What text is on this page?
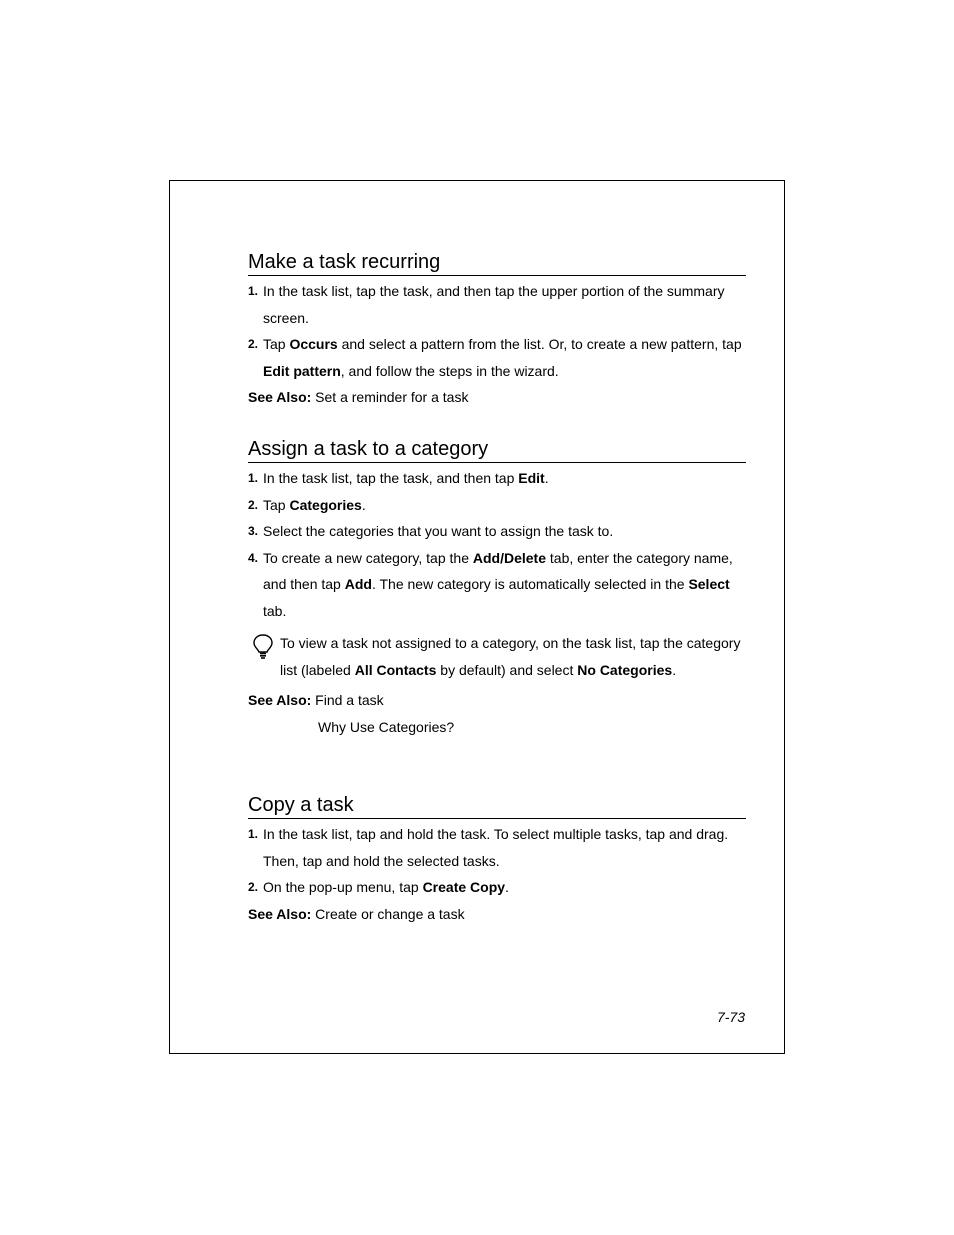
Make a task recurring
1. In the task list, tap the task, and then tap the upper portion of the summary screen.
2. Tap Occurs and select a pattern from the list. Or, to create a new pattern, tap Edit pattern, and follow the steps in the wizard.
See Also: Set a reminder for a task
Assign a task to a category
1. In the task list, tap the task, and then tap Edit.
2. Tap Categories.
3. Select the categories that you want to assign the task to.
4. To create a new category, tap the Add/Delete tab, enter the category name, and then tap Add. The new category is automatically selected in the Select tab.
To view a task not assigned to a category, on the task list, tap the category list (labeled All Contacts by default) and select No Categories.
See Also: Find a task
Why Use Categories?
Copy a task
1. In the task list, tap and hold the task. To select multiple tasks, tap and drag. Then, tap and hold the selected tasks.
2. On the pop-up menu, tap Create Copy.
See Also: Create or change a task
7-73
